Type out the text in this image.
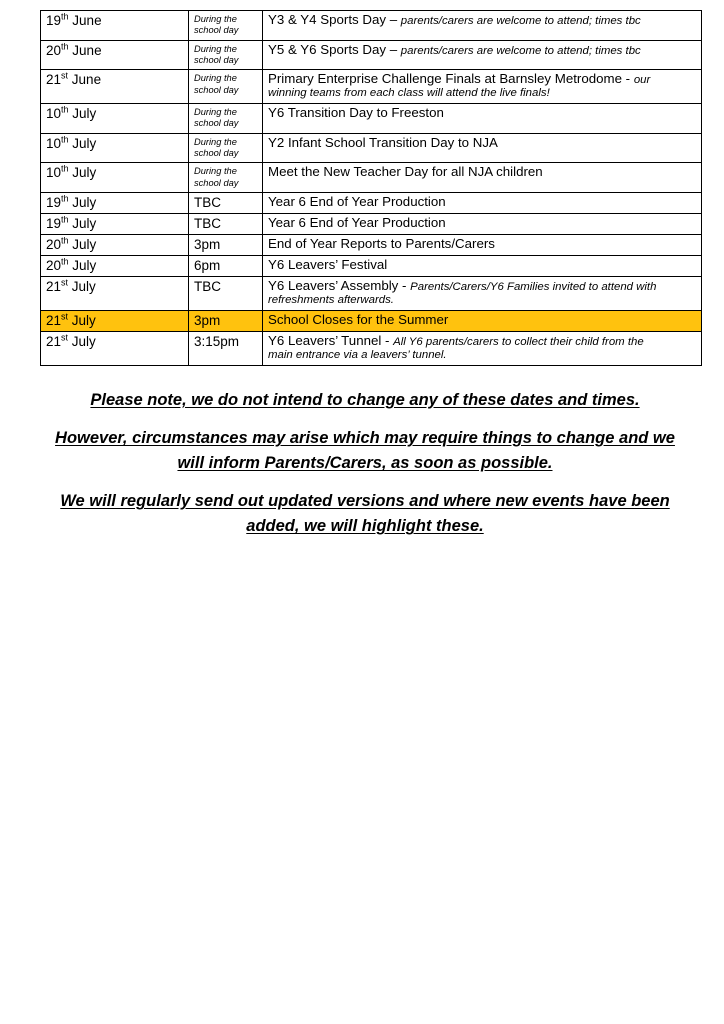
19th June	During the school day	Y3 & Y4 Sports Day – parents/carers are welcome to attend; times tbc
20th June	During the school day	Y5 & Y6 Sports Day – parents/carers are welcome to attend; times tbc
21st June	During the school day	Primary Enterprise Challenge Finals at Barnsley Metrodome - our
winning teams from each class will attend the live finals!

10th July	During the school day	Y6 Transition Day to Freeston
10th July	During the school day	Y2 Infant School Transition Day to NJA
10th July	During the school day	Meet the New Teacher Day for all NJA children
19th July	TBC	Year 6 End of Year Production
19th July	TBC	Year 6 End of Year Production
20th July	3pm	End of Year Reports to Parents/Carers
20th July	6pm	Y6 Leavers’ Festival
21st July	TBC	Y6 Leavers’ Assembly - Parents/Carers/Y6 Families invited to attend with
refreshments afterwards.

21st July	3pm	School Closes for the Summer
21st July	3:15pm	Y6 Leavers’ Tunnel - All Y6 parents/carers to collect their child from the
main entrance via a leavers’ tunnel.

Please note, we do not intend to change any of these dates and times.

However, circumstances may arise which may require things to change and we will inform Parents/Carers, as soon as possible.

We will regularly send out updated versions and where new events have been added, we will highlight these.
